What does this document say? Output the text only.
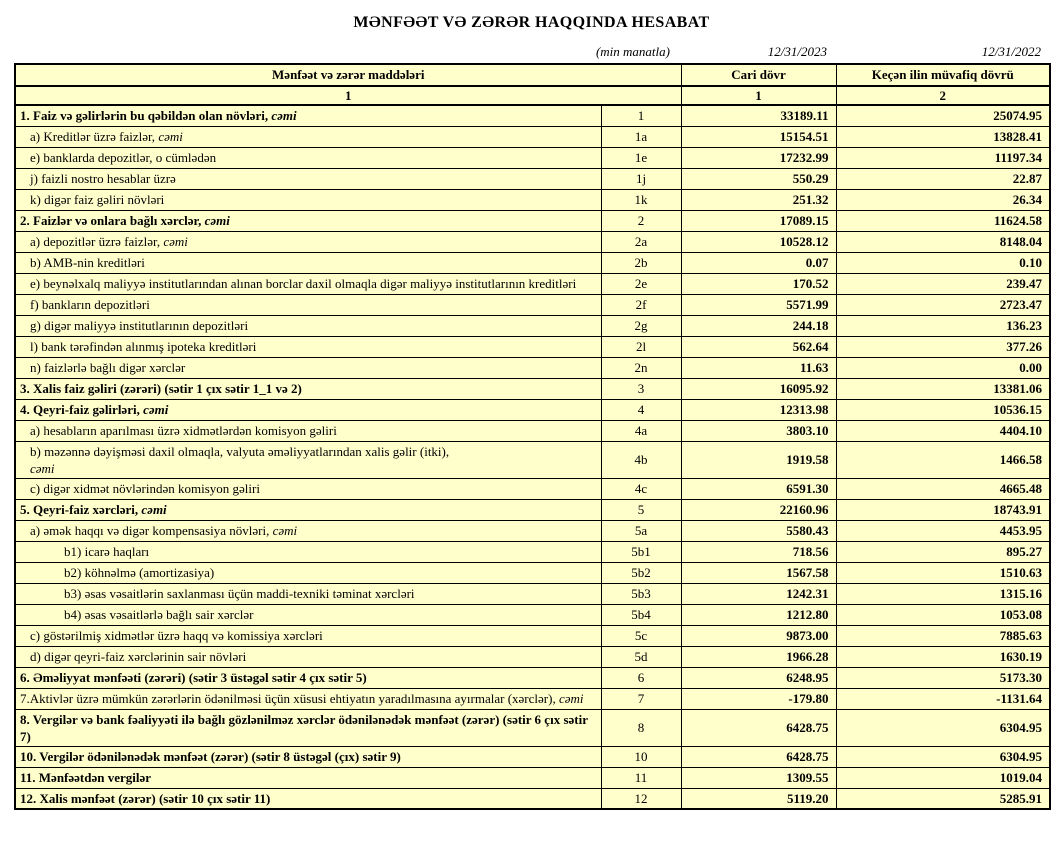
MƏNFƏƏT VƏ ZƏRƏR HAQQINDA HESABAT
(min manatla)	12/31/2023	12/31/2022
Mənfəət və zərər maddələri		Cari dövr	Keçən ilin müvafiq dövrü
1		1	2
1. Faiz və gəlirlərin bu qəbildən olan növləri, cəmi	1	33189.11	25074.95
a) Kreditlər üzrə faizlər, cəmi	1a	15154.51	13828.41
e) banklarda depozitlər, o cümlədən	1e	17232.99	11197.34
j) faizli nostro hesablar üzrə	1j	550.29	22.87
k) digər faiz gəliri növləri	1k	251.32	26.34
2. Faizlər və onlara bağlı xərclər, cəmi	2	17089.15	11624.58
a) depozitlər üzrə faizlər, cəmi	2a	10528.12	8148.04
b) AMB-nin kreditləri	2b	0.07	0.10
e) beynəlxalq maliyyə institutlarından alınan borclar daxil olmaqla digər maliyyə institutlarının kreditləri	2e	170.52	239.47
f) bankların depozitləri	2f	5571.99	2723.47
g) digər maliyyə institutlarının depozitləri	2g	244.18	136.23
l) bank tərəfindən alınmış ipoteka kreditləri	2l	562.64	377.26
n) faizlərlə bağlı digər xərclər	2n	11.63	0.00
3. Xalis faiz gəliri (zərəri) (sətir 1 çıx sətir 1_1 və 2)	3	16095.92	13381.06
4. Qeyri-faiz gəlirləri, cəmi	4	12313.98	10536.15
a) hesabların aparılması üzrə xidmətlərdən komisyon gəliri	4a	3803.10	4404.10
b) məzənnə dəyişməsi daxil olmaqla, valyuta əməliyyatlarından xalis gəlir (itki),
cəmi	4b	1919.58	1466.58
c) digər xidmət növlərindən komisyon gəliri	4c	6591.30	4665.48
5. Qeyri-faiz xərcləri, cəmi	5	22160.96	18743.91
a) əmək haqqı və digər kompensasiya növləri, cəmi	5a	5580.43	4453.95
b1) icarə haqları	5b1	718.56	895.27
b2) köhnəlmə (amortizasiya)	5b2	1567.58	1510.63
b3) əsas vəsaitlərin saxlanması üçün maddi-texniki təminat xərcləri	5b3	1242.31	1315.16
b4) əsas vəsaitlərlə bağlı sair xərclər	5b4	1212.80	1053.08
c) göstərilmiş xidmətlər üzrə haqq və komissiya xərcləri	5c	9873.00	7885.63
d) digər qeyri-faiz xərclərinin sair növləri	5d	1966.28	1630.19
6. Əməliyyat mənfəəti (zərəri) (sətir 3 üstəgəl sətir 4 çıx sətir 5)	6	6248.95	5173.30
7.Aktivlər üzrə mümkün zərərlərin ödənilməsi üçün xüsusi ehtiyatın yaradılmasına ayırmalar (xərclər), cəmi	7	-179.80	-1131.64
8. Vergilər və bank fəaliyyəti ilə bağlı gözlənilməz xərclər ödənilənədək mənfəət (zərər) (sətir 6 çıx sətir 7)	8	6428.75	6304.95
10. Vergilər ödənilənədək mənfəət (zərər) (sətir 8 üstəgəl (çıx) sətir 9)	10	6428.75	6304.95
11. Mənfəətdən vergilər	11	1309.55	1019.04
12. Xalis mənfəət (zərər) (sətir 10 çıx sətir 11)	12	5119.20	5285.91
